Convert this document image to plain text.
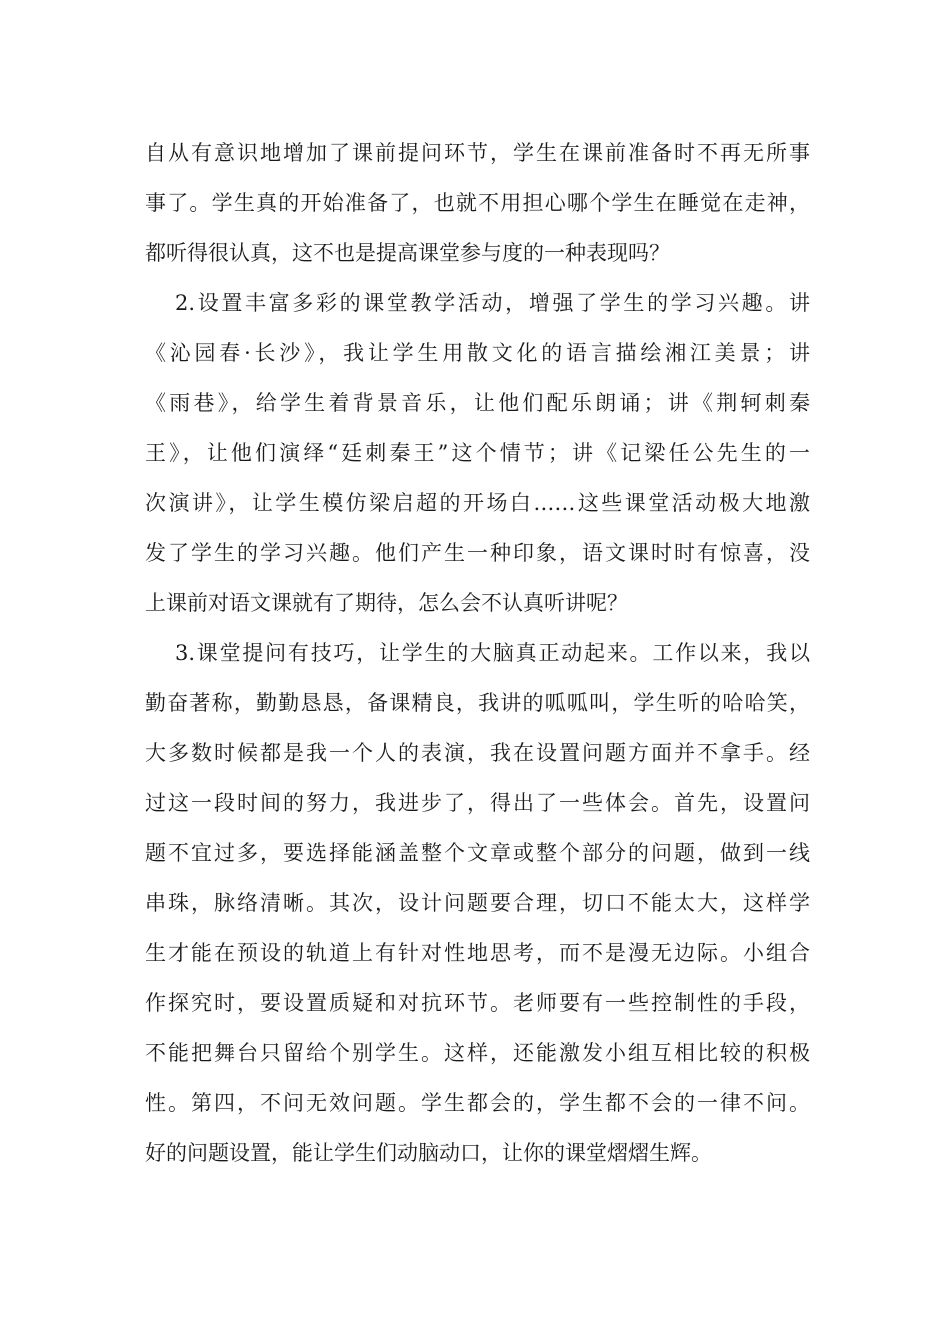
自从有意识地增加了课前提问环节，学生在课前准备时不再无所事
事了。学生真的开始准备了，也就不用担心哪个学生在睡觉在走神，
都听得很认真，这不也是提高课堂参与度的一种表现吗？
2.设置丰富多彩的课堂教学活动，增强了学生的学习兴趣。讲
《沁园春·长沙》，我让学生用散文化的语言描绘湘江美景；讲
《雨巷》，给学生着背景音乐，让他们配乐朗诵；讲《荆轲刺秦
王》，让他们演绎“廷刺秦王”这个情节；讲《记梁任公先生的一
次演讲》，让学生模仿梁启超的开场白……这些课堂活动极大地激
发了学生的学习兴趣。他们产生一种印象，语文课时时有惊喜，没
上课前对语文课就有了期待，怎么会不认真听讲呢？
3.课堂提问有技巧，让学生的大脑真正动起来。工作以来，我以
勤奋著称，勤勤恳恳，备课精良，我讲的呱呱叫，学生听的哈哈笑，
大多数时候都是我一个人的表演，我在设置问题方面并不拿手。经
过这一段时间的努力，我进步了，得出了一些体会。首先，设置问
题不宜过多，要选择能涵盖整个文章或整个部分的问题，做到一线
串珠，脉络清晰。其次，设计问题要合理，切口不能太大，这样学
生才能在预设的轨道上有针对性地思考，而不是漫无边际。小组合
作探究时，要设置质疑和对抗环节。老师要有一些控制性的手段，
不能把舞台只留给个别学生。这样，还能激发小组互相比较的积极
性。第四，不问无效问题。学生都会的，学生都不会的一律不问。
好的问题设置，能让学生们动脑动口，让你的课堂熠熠生辉。
